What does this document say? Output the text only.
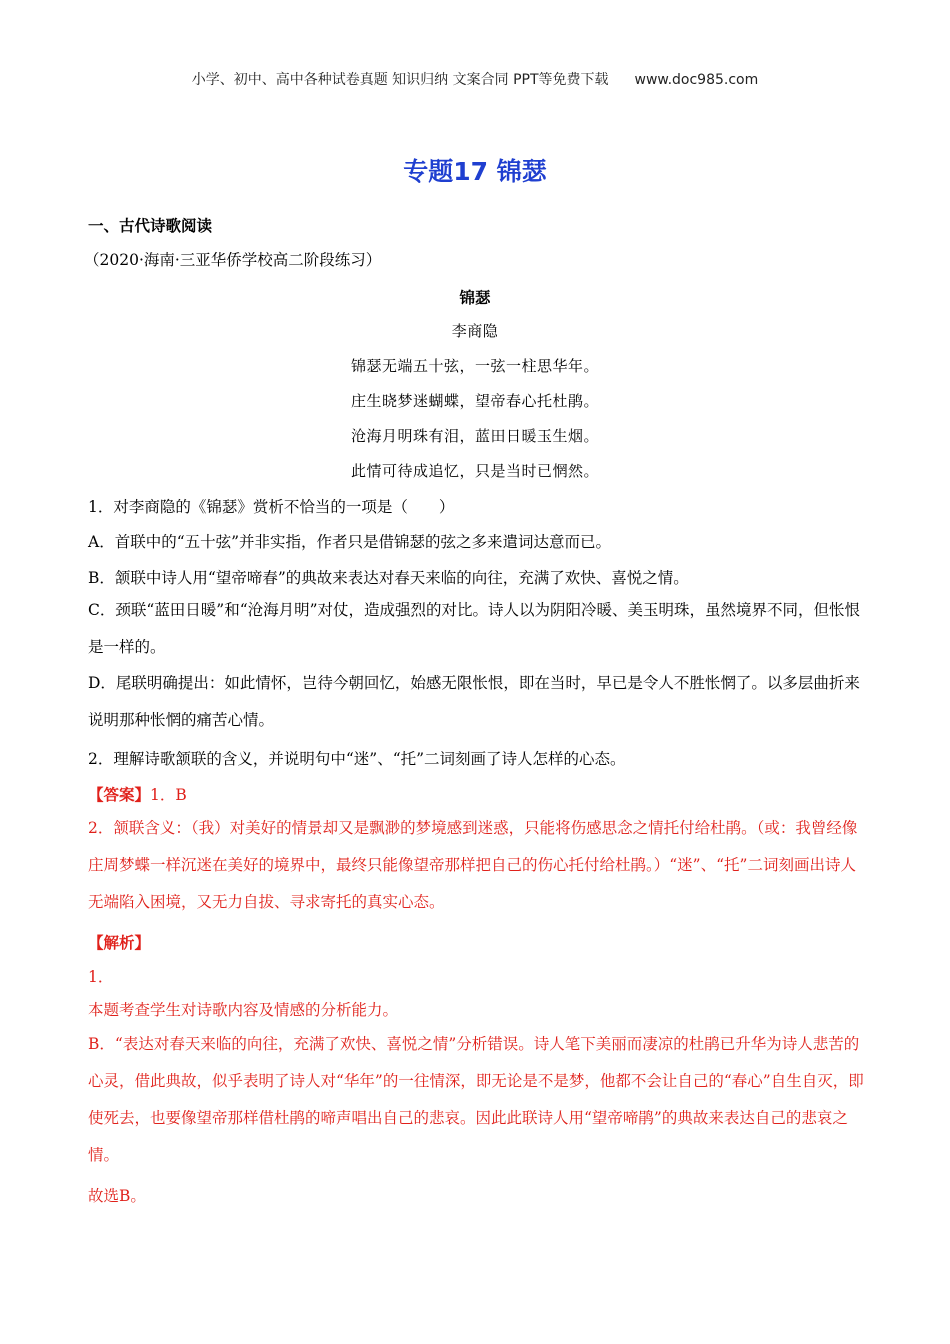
小学、初中、高中各种试卷真题 知识归纳 文案合同 PPT等免费下载 www.doc985.com
专题17 锦瑟
一、古代诗歌阅读
（2020·海南·三亚华侨学校高二阶段练习）
锦瑟
李商隐
锦瑟无端五十弦，一弦一柱思华年。
庄生晓梦迷蝴蝶，望帝春心托杜鹃。
沧海月明珠有泪，蓝田日暖玉生烟。
此情可待成追忆，只是当时已惘然。
1．对李商隐的《锦瑟》赏析不恰当的一项是（　　）
A．首联中的“五十弦”并非实指，作者只是借锦瑟的弦之多来遣词达意而已。
B．颔联中诗人用“望帝啼春”的典故来表达对春天来临的向往，充满了欢快、喜悦之情。
C．颈联“蓝田日暖”和“沧海月明”对仗，造成强烈的对比。诗人以为阴阳冷暖、美玉明珠，虽然境界不同，但怅恨是一样的。
D．尾联明确提出：如此情怀，岂待今朝回忆，始感无限怅恨，即在当时，早已是令人不胜怅惘了。以多层曲折来说明那种怅惘的痛苦心情。
2．理解诗歌颔联的含义，并说明句中“迷”、“托”二词刻画了诗人怎样的心态。
【答案】1．B
2．颔联含义：（我）对美好的情景却又是飘渺的梦境感到迷惑，只能将伤感思念之情托付给杜鹃。（或：我曾经像庄周梦蝶一样沉迷在美好的境界中，最终只能像望帝那样把自己的伤心托付给杜鹃。）“迷”、“托”二词刻画出诗人无端陷入困境，又无力自拔、寻求寄托的真实心态。
【解析】
1．
本题考查学生对诗歌内容及情感的分析能力。
B．“表达对春天来临的向往，充满了欢快、喜悦之情”分析错误。诗人笔下美丽而凄凉的杜鹃已升华为诗人悲苦的心灵，借此典故，似乎表明了诗人对“华年”的一往情深，即无论是不是梦，他都不会让自己的“春心”自生自灭，即使死去，也要像望帝那样借杜鹃的啼声唱出自己的悲哀。因此此联诗人用“望帝啼鹃”的典故来表达自己的悲哀之情。
故选B。
